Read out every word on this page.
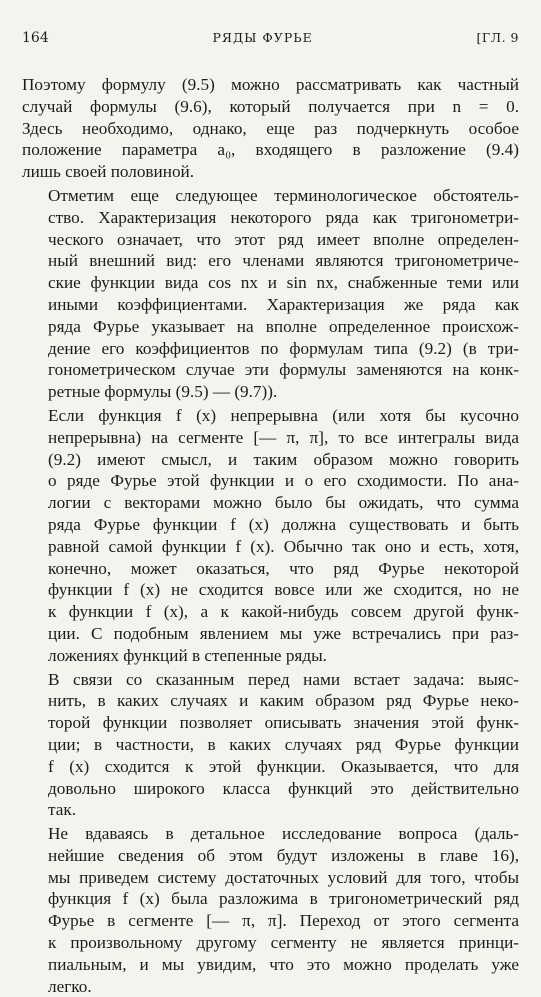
164	РЯДЫ ФУРЬЕ	[ГЛ. 9

Поэтому формулу (9.5) можно рассматривать как частный
случай формулы (9.6), который получается при n = 0.
Здесь необходимо, однако, еще раз подчеркнуть особое
положение параметра a₀, входящего в разложение (9.4)
лишь своей половиной.

Отметим еще следующее терминологическое обстоятель-
ство. Характеризация некоторого ряда как тригонометри-
ческого означает, что этот ряд имеет вполне определен-
ный внешний вид: его членами являются тригонометриче-
ские функции вида cos nx и sin nx, снабженные теми или
иными коэффициентами. Характеризация же ряда как
ряда Фурье указывает на вполне определенное происхож-
дение его коэффициентов по формулам типа (9.2) (в три-
гонометрическом случае эти формулы заменяются на конк-
ретные формулы (9.5) — (9.7)).

Если функция f (x) непрерывна (или хотя бы кусочно
непрерывна) на сегменте [— π, π], то все интегралы вида
(9.2) имеют смысл, и таким образом можно говорить
о ряде Фурье этой функции и о его сходимости. По ана-
логии с векторами можно было бы ожидать, что сумма
ряда Фурье функции f (x) должна существовать и быть
равной самой функции f (x). Обычно так оно и есть, хотя,
конечно, может оказаться, что ряд Фурье некоторой
функции f (x) не сходится вовсе или же сходится, но не
к функции f (x), а к какой-нибудь совсем другой функ-
ции. С подобным явлением мы уже встречались при раз-
ложениях функций в степенные ряды.

В связи со сказанным перед нами встает задача: выяс-
нить, в каких случаях и каким образом ряд Фурье неко-
торой функции позволяет описывать значения этой функ-
ции; в частности, в каких случаях ряд Фурье функции
f (x) сходится к этой функции. Оказывается, что для
довольно широкого класса функций это действительно
так.

Не вдаваясь в детальное исследование вопроса (даль-
нейшие сведения об этом будут изложены в главе 16),
мы приведем систему достаточных условий для того, чтобы
функция f (x) была разложима в тригонометрический ряд
Фурье в сегменте [— π, π]. Переход от этого сегмента
к произвольному другому сегменту не является принци-
пиальным, и мы увидим, что это можно проделать уже
легко.
